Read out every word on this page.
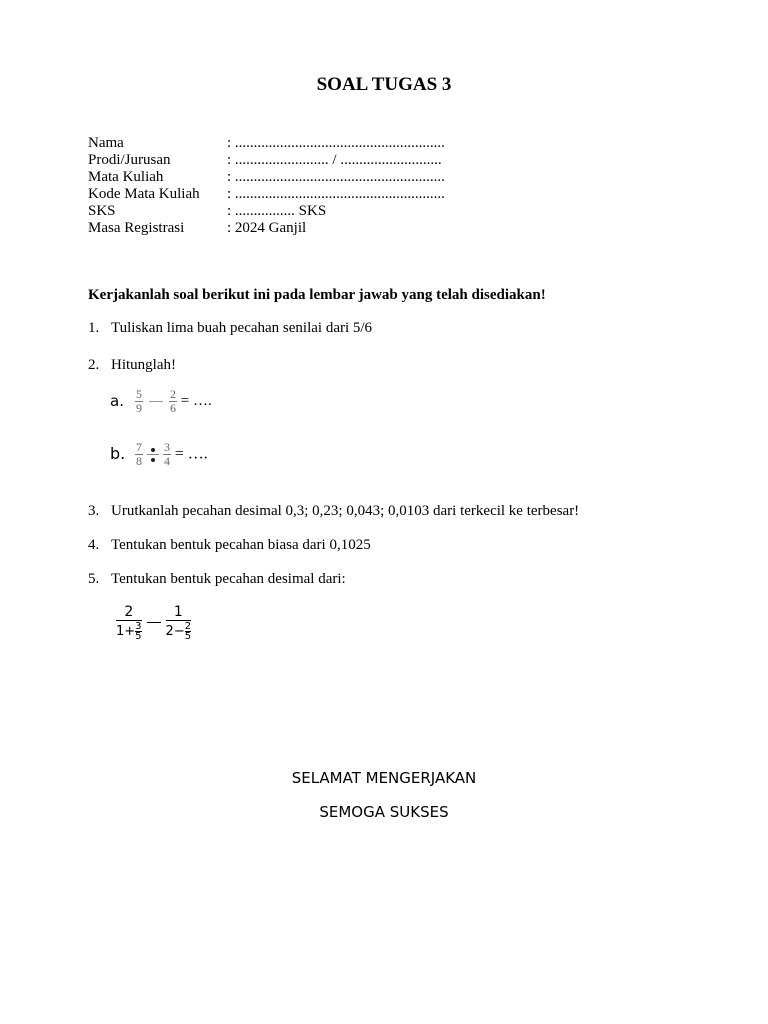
SOAL TUGAS 3
Nama	: ........................................................
Prodi/Jurusan	: ......................... / ...........................
Mata Kuliah	: ........................................................
Kode Mata Kuliah : ........................................................
SKS	: ................ SKS
Masa Registrasi	: 2024 Ganjil
Kerjakanlah soal berikut ini pada lembar jawab yang telah disediakan!
1. Tuliskan lima buah pecahan senilai dari 5/6
2. Hitunglah!
a. $\frac{5}{9} \frac{2}{6}$ = ….
b. $\frac{7}{8} \frac{3}{4}$ = ….
3. Urutkanlah pecahan desimal 0,3; 0,23; 0,043; 0,0103 dari terkecil ke terbesar!
4. Tentukan bentuk pecahan biasa dari 0,1025
5. Tentukan bentuk pecahan desimal dari:
$\frac{2}{1+ \frac{3}{5}} \frac{1}{2- \frac{2}{5}}$
SELAMAT MENGERJAKAN
SEMOGA SUKSES
